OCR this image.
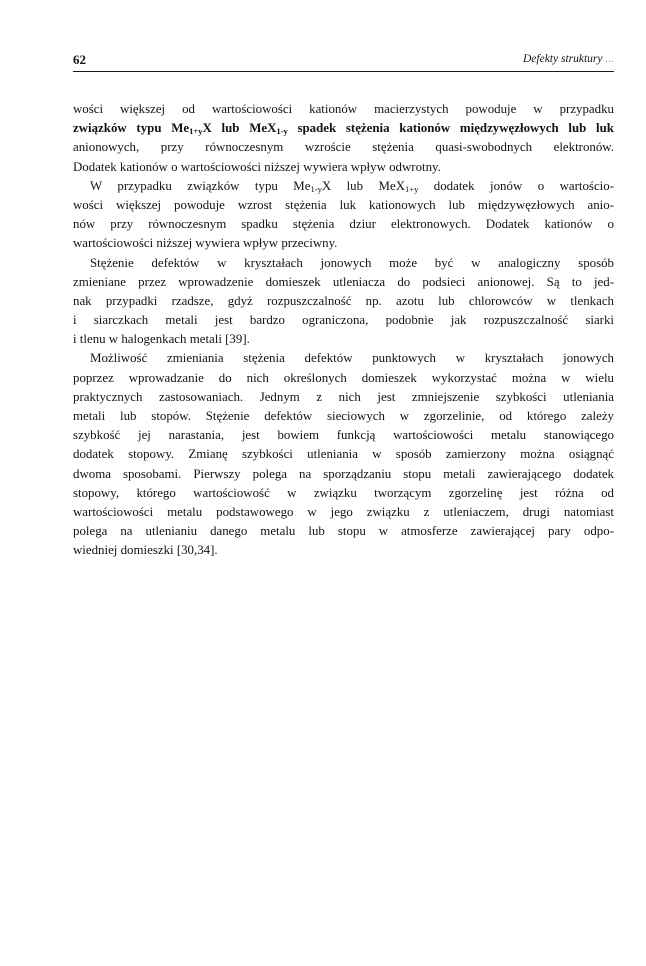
62	Defekty struktury ...
wości większej od wartościowości kationów macierzystych powoduje w przypadku
związków typu $Me_{1+y}X$ lub MeX$_{1-y}$ spadek stężenia kationów międzywęzłowych lub luk
anionowych, przy równoczesnym wzroście stężenia quasi-swobodnych elektronów.
Dodatek kationów o wartościowości niższej wywiera wpływ odwrotny.
W przypadku związków typu $Me_{1-y}X$ lub MeX$_{1+y}$ dodatek jonów o wartościo-
wości większej powoduje wzrost stężenia luk kationowych lub międzywęzłowych anio-
nów przy równoczesnym spadku stężenia dziur elektronowych. Dodatek kationów o
wartościowości niższej wywiera wpływ przeciwny.
Stężenie defektów w kryształach jonowych może być w analogiczny sposób
zmieniane przez wprowadzenie domieszek utleniacza do podsieci anionowej. Są to jed-
nak przypadki rzadsze, gdyż rozpuszczalność np. azotu lub chlorowców w tlenkach
i siarczkach metali jest bardzo ograniczona, podobnie jak rozpuszczalność siarki
i tlenu w halogenkach metali [39].
Możliwość zmieniania stężenia defektów punktowych w kryształach jonowych
poprzez wprowadzanie do nich określonych domieszek wykorzystać można w wielu
praktycznych zastosowaniach. Jednym z nich jest zmniejszenie szybkości utleniania
metali lub stopów. Stężenie defektów sieciowych w zgorzelinie, od którego zależy
szybkość jej narastania, jest bowiem funkcją wartościowości metalu stanowiącego
dodatek stopowy. Zmianę szybkości utleniania w sposób zamierzony można osiągnąć
dwoma sposobami. Pierwszy polega na sporządzaniu stopu metali zawierającego dodatek
stopowy, którego wartościowość w związku tworzącym zgorzelinę jest różna od
wartościowości metalu podstawowego w jego związku z utleniaczem, drugi natomiast
polega na utlenianiu danego metalu lub stopu w atmosferze zawierającej pary odpo-
wiedniej domieszki [30,34].
